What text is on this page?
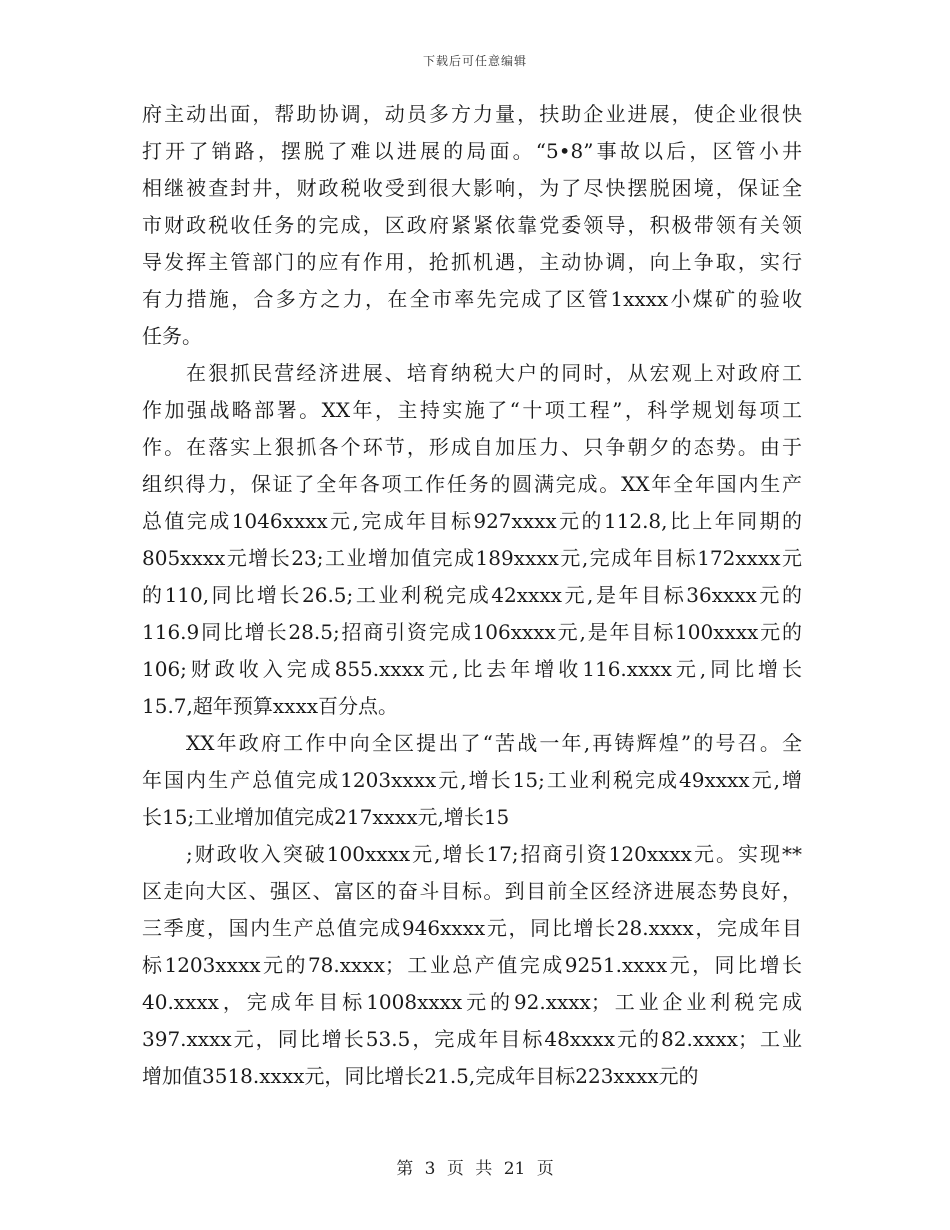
下载后可任意编辑
府主动出面，帮助协调，动员多方力量，扶助企业进展，使企业很快
打开了销路，摆脱了难以进展的局面。“5•8”事故以后，区管小井
相继被查封井，财政税收受到很大影响，为了尽快摆脱困境，保证全
市财政税收任务的完成，区政府紧紧依靠党委领导，积极带领有关领
导发挥主管部门的应有作用，抢抓机遇，主动协调，向上争取，实行
有力措施，合多方之力，在全市率先完成了区管1xxxx小煤矿的验收
任务。
在狠抓民营经济进展、培育纳税大户的同时，从宏观上对政府工
作加强战略部署。XX年，主持实施了“十项工程”，科学规划每项工
作。在落实上狠抓各个环节，形成自加压力、只争朝夕的态势。由于
组织得力，保证了全年各项工作任务的圆满完成。XX年全年国内生产
总值完成1046xxxx元,完成年目标927xxxx元的112.8,比上年同期的
805xxxx元增长23;工业增加值完成189xxxx元,完成年目标172xxxx元
的110,同比增长26.5;工业利税完成42xxxx元,是年目标36xxxx元的
116.9同比增长28.5;招商引资完成106xxxx元,是年目标100xxxx元的
106;财政收入完成855.xxxx元,比去年增收116.xxxx元,同比增长
15.7,超年预算xxxx百分点。
XX年政府工作中向全区提出了“苦战一年,再铸辉煌”的号召。全
年国内生产总值完成1203xxxx元,增长15;工业利税完成49xxxx元,增
长15;工业增加值完成217xxxx元,增长15
;财政收入突破100xxxx元,增长17;招商引资120xxxx元。实现**
区走向大区、强区、富区的奋斗目标。到目前全区经济进展态势良好，
三季度，国内生产总值完成946xxxx元，同比增长28.xxxx，完成年目
标1203xxxx元的78.xxxx；工业总产值完成9251.xxxx元，同比增长
40.xxxx，完成年目标1008xxxx元的92.xxxx；工业企业利税完成
397.xxxx元，同比增长53.5，完成年目标48xxxx元的82.xxxx；工业
增加值3518.xxxx元，同比增长21.5,完成年目标223xxxx元的
第 3 页 共 21 页
